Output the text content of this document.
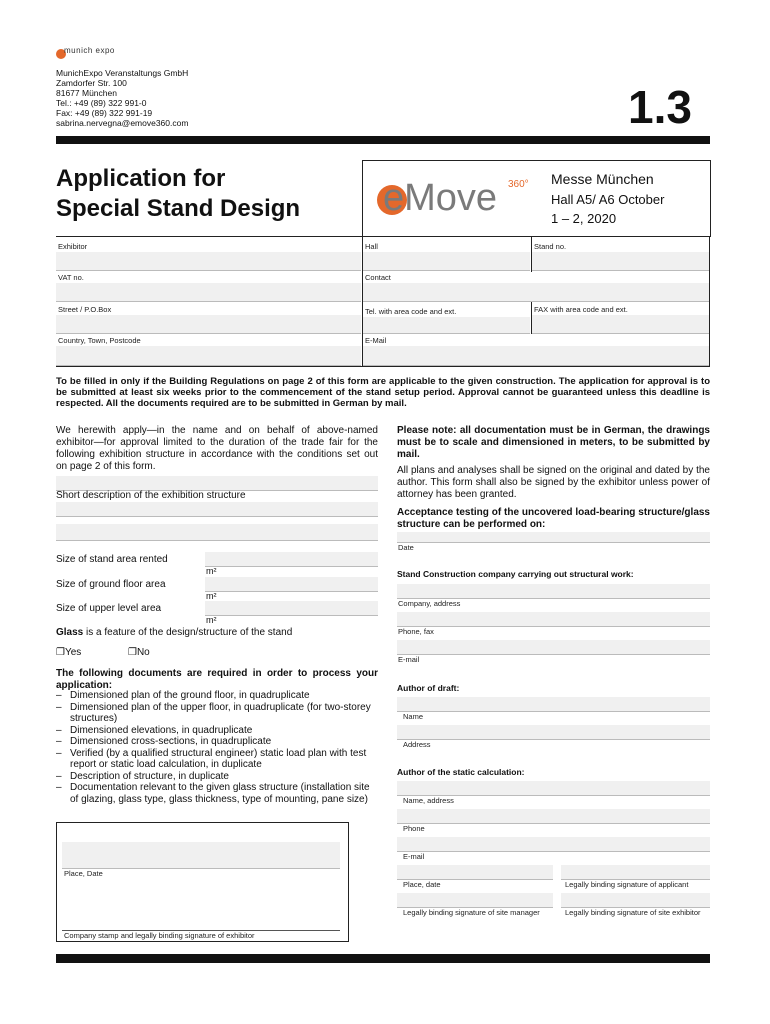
munich expo
MunichExpo Veranstaltungs GmbH
Zamdorfer Str. 100
81677 München
Tel.: +49 (89) 322 991-0
Fax: +49 (89) 322 991-19
sabrina.nervegna@emove360.com	1.3
Application for
Special Stand Design eMove 360° Messe München
Hall A5/ A6 October
1 – 2, 2020
Exhibitor	Hall	Stand no.
VAT no.	Contact
Street / P.O.Box	Tel. with area code and ext.	FAX with area code and ext.
Country, Town, Postcode	E-Mail
To be filled in only if the Building Regulations on page 2 of this form are applicable to the given construction. The application for approval is to be submitted at least six weeks prior to the commencement of the stand setup period. Approval cannot be guaranteed unless this deadline is respected. All the documents required are to be submitted in German by mail.
We herewith apply—in the name and on behalf of above-named exhibitor—for approval limited to the duration of the trade fair for the following exhibition structure in accordance with the conditions set out on page 2 of this form.
Short description of the exhibition structure
Size of stand area rented
m²
Size of ground floor area
m²
Size of upper level area
m²
Glass is a feature of the design/structure of the stand
❐Yes	❐No
The following documents are required in order to process your application:
– Dimensioned plan of the ground floor, in quadruplicate
– Dimensioned plan of the upper floor, in quadruplicate (for two-storey structures)
– Dimensioned elevations, in quadruplicate
– Dimensioned cross-sections, in quadruplicate
– Verified (by a qualified structural engineer) static load plan with test report or static load calculation, in duplicate
– Description of structure, in duplicate
– Documentation relevant to the given glass structure (installation site of glazing, glass type, glass thickness, type of mounting, pane size)
Place, Date
Company stamp and legally binding signature of exhibitor
Please note: all documentation must be in German, the drawings must be to scale and dimensioned in meters, to be submitted by mail.
All plans and analyses shall be signed on the original and dated by the author. This form shall also be signed by the exhibitor unless power of attorney has been granted.
Acceptance testing of the uncovered load-bearing structure/glass structure can be performed on:
Date
Stand Construction company carrying out structural work:
Company, address
Phone, fax
E-mail
Author of draft:
Name
Address
Author of the static calculation:
Name, address
Phone
E-mail
Place, date	Legally binding signature of applicant
Legally binding signature of site manager	Legally binding signature of site exhibitor
